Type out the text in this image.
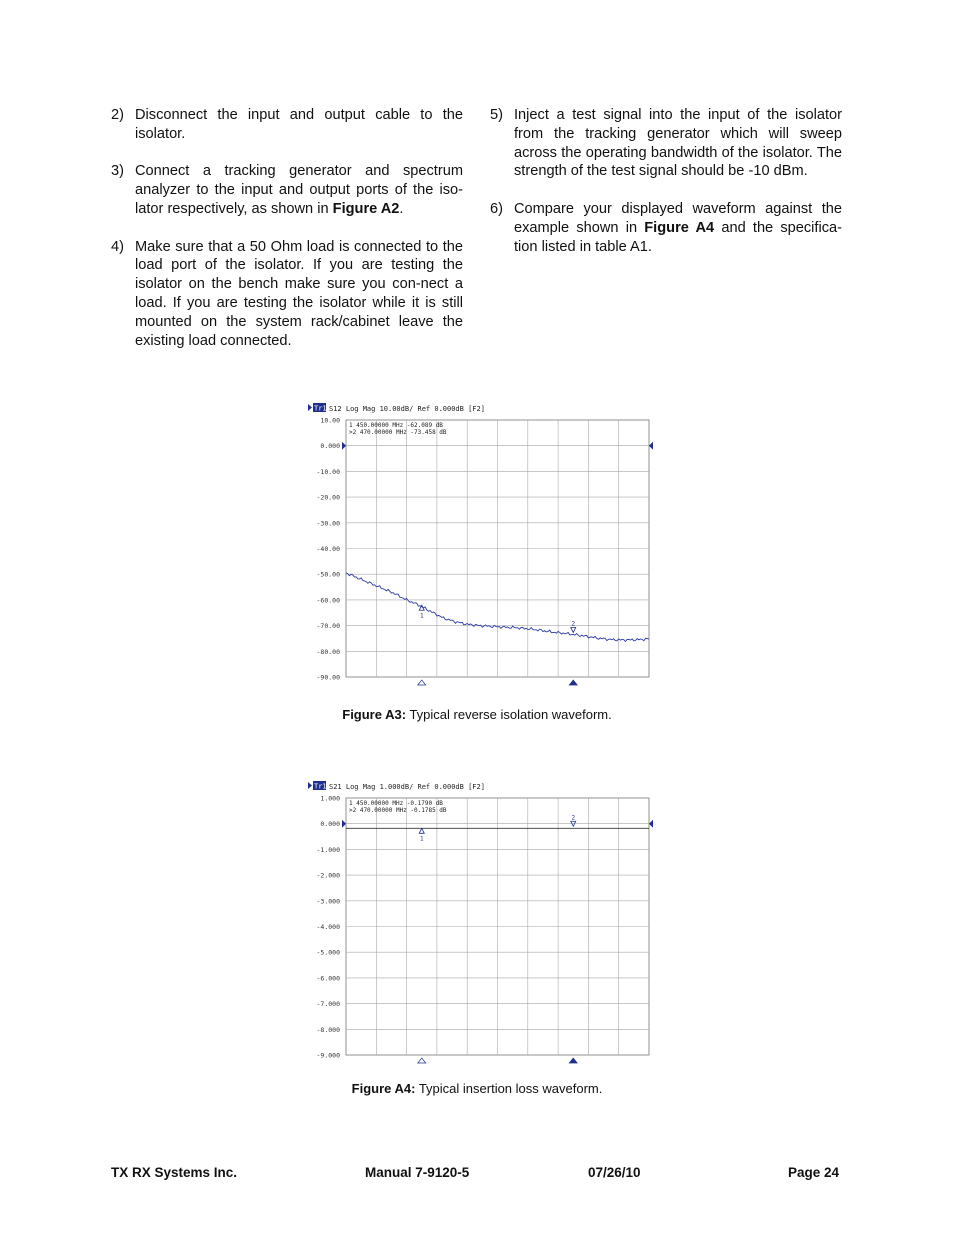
2) Disconnect the input and output cable to the isolator.
3) Connect a tracking generator and spectrum analyzer to the input and output ports of the iso-lator respectively, as shown in Figure A2.
4) Make sure that a 50 Ohm load is connected to the load port of the isolator. If you are testing the isolator on the bench make sure you con-nect a load. If you are testing the isolator while it is still mounted on the system rack/cabinet leave the existing load connected.
5) Inject a test signal into the input of the isolator from the tracking generator which will sweep across the operating bandwidth of the isolator. The strength of the test signal should be -10 dBm.
6) Compare your displayed waveform against the example shown in Figure A4 and the specifica-tion listed in table A1.
Tr1 S12 Log Mag 10.00dB/ Ref 0.000dB [F2]
10.00
0.000
-10.00
-20.00
-30.00
-40.00
-50.00
-60.00
-70.00
-80.00
-90.00
1 450.00000 MHz -62.089 dB
>2 470.00000 MHz -73.458 dB
1
2
Figure A3: Typical reverse isolation waveform.
Tr1 S21 Log Mag 1.000dB/ Ref 0.000dB [F2]
1.000
0.000
-1.000
-2.000
-3.000
-4.000
-5.000
-6.000
-7.000
-8.000
-9.000
1 450.00000 MHz -0.1790 dB
>2 470.00000 MHz -0.1785 dB
1
2
Figure A4: Typical insertion loss waveform.
TX RX Systems Inc.	Manual 7-9120-5	07/26/10	Page 24
